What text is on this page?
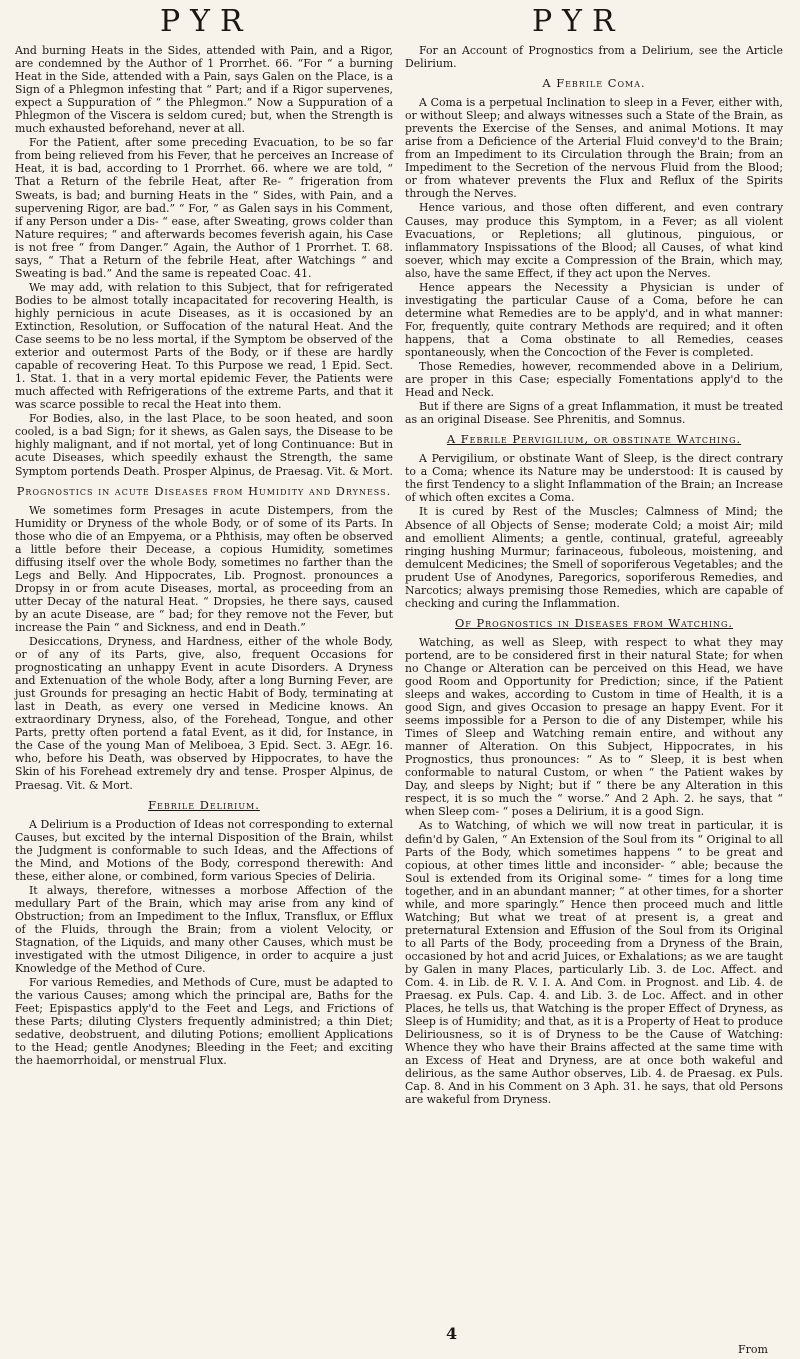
PYR	PYR

And burning Heats in the Sides, attended with Pain, and a Rigor, are condemned by the Author of 1 Prorrhet. 66. “For “ a burning Heat in the Side, attended with a Pain, says Galen on the Place, is a Sign of a Phlegmon infesting that “ Part; and if a Rigor supervenes, expect a Suppuration of “ the Phlegmon.” Now a Suppuration of a Phlegmon of the Viscera is seldom cured; but, when the Strength is much exhausted beforehand, never at all.

For the Patient, after some preceding Evacuation, to be so far from being relieved from his Fever, that he perceives an Increase of Heat, it is bad, according to 1 Prorrhet. 66. where we are told, “ That a Return of the febrile Heat, after Re- “ frigeration from Sweats, is bad; and burning Heats in the “ Sides, with Pain, and a supervening Rigor, are bad.” “ For, “ as Galen says in his Comment, if any Person under a Dis- “ ease, after Sweating, grows colder than Nature requires; “ and afterwards becomes feverish again, his Case is not free “ from Danger.” Again, the Author of 1 Prorrhet. T. 68. says, “ That a Return of the febrile Heat, after Watchings “ and Sweating is bad.” And the same is repeated Coac. 41.

We may add, with relation to this Subject, that for refrigerated Bodies to be almost totally incapacitated for recovering Health, is highly pernicious in acute Diseases, as it is occasioned by an Extinction, Resolution, or Suffocation of the natural Heat. And the Case seems to be no less mortal, if the Symptom be observed of the exterior and outermost Parts of the Body, or if these are hardly capable of recovering Heat. To this Purpose we read, 1 Epid. Sect. 1. Stat. 1. that in a very mortal epidemic Fever, the Patients were much affected with Refrigerations of the extreme Parts, and that it was scarce possible to recal the Heat into them.

For Bodies, also, in the last Place, to be soon heated, and soon cooled, is a bad Sign; for it shews, as Galen says, the Disease to be highly malignant, and if not mortal, yet of long Continuance: But in acute Diseases, which speedily exhaust the Strength, the same Symptom portends Death. Prosper Alpinus, de Praesag. Vit. & Mort.

Prognostics in acute Diseases from Humidity and Dryness.

We sometimes form Presages in acute Distempers, from the Humidity or Dryness of the whole Body, or of some of its Parts. In those who die of an Empyema, or a Phthisis, may often be observed a little before their Decease, a copious Humidity, sometimes diffusing itself over the whole Body, sometimes no farther than the Legs and Belly. And Hippocrates, Lib. Prognost. pronounces a Dropsy in or from acute Diseases, mortal, as proceeding from an utter Decay of the natural Heat. “ Dropsies, he there says, caused by an acute Disease, are “ bad; for they remove not the Fever, but increase the Pain “ and Sickness, and end in Death.”

Desiccations, Dryness, and Hardness, either of the whole Body, or of any of its Parts, give, also, frequent Occasions for prognosticating an unhappy Event in acute Disorders. A Dryness and Extenuation of the whole Body, after a long Burning Fever, are just Grounds for presaging an hectic Habit of Body, terminating at last in Death, as every one versed in Medicine knows. An extraordinary Dryness, also, of the Forehead, Tongue, and other Parts, pretty often portend a fatal Event, as it did, for Instance, in the Case of the young Man of Meliboea, 3 Epid. Sect. 3. AEgr. 16. who, before his Death, was observed by Hippocrates, to have the Skin of his Forehead extremely dry and tense. Prosper Alpinus, de Praesag. Vit. & Mort.

Febrile Delirium.

A Delirium is a Production of Ideas not corresponding to external Causes, but excited by the internal Disposition of the Brain, whilst the Judgment is conformable to such Ideas, and the Affections of the Mind, and Motions of the Body, correspond therewith: And these, either alone, or combined, form various Species of Deliria.

It always, therefore, witnesses a morbose Affection of the medullary Part of the Brain, which may arise from any kind of Obstruction; from an Impediment to the Influx, Transflux, or Efflux of the Fluids, through the Brain; from a violent Velocity, or Stagnation, of the Liquids, and many other Causes, which must be investigated with the utmost Diligence, in order to acquire a just Knowledge of the Method of Cure.

For various Remedies, and Methods of Cure, must be adapted to the various Causes; among which the principal are, Baths for the Feet; Epispastics apply'd to the Feet and Legs, and Frictions of these Parts; diluting Clysters frequently administred; a thin Diet; sedative, deobstruent, and diluting Potions; emollient Applications to the Head; gentle Anodynes; Bleeding in the Feet; and exciting the haemorrhoidal, or menstrual Flux.

For an Account of Prognostics from a Delirium, see the Article Delirium.

A Febrile Coma.

A Coma is a perpetual Inclination to sleep in a Fever, either with, or without Sleep; and always witnesses such a State of the Brain, as prevents the Exercise of the Senses, and animal Motions. It may arise from a Deficience of the Arterial Fluid convey'd to the Brain; from an Impediment to its Circulation through the Brain; from an Impediment to the Secretion of the nervous Fluid from the Blood; or from whatever prevents the Flux and Reflux of the Spirits through the Nerves.

Hence various, and those often different, and even contrary Causes, may produce this Symptom, in a Fever; as all violent Evacuations, or Repletions; all glutinous, pinguious, or inflammatory Inspissations of the Blood; all Causes, of what kind soever, which may excite a Compression of the Brain, which may, also, have the same Effect, if they act upon the Nerves.

Hence appears the Necessity a Physician is under of investigating the particular Cause of a Coma, before he can determine what Remedies are to be apply'd, and in what manner: For, frequently, quite contrary Methods are required; and it often happens, that a Coma obstinate to all Remedies, ceases spontaneously, when the Concoction of the Fever is completed.

Those Remedies, however, recommended above in a Delirium, are proper in this Case; especially Fomentations apply'd to the Head and Neck.

But if there are Signs of a great Inflammation, it must be treated as an original Disease. See Phrenitis, and Somnus.

A Febrile Pervigilium, or obstinate Watching.

A Pervigilium, or obstinate Want of Sleep, is the direct contrary to a Coma; whence its Nature may be understood: It is caused by the first Tendency to a slight Inflammation of the Brain; an Increase of which often excites a Coma.

It is cured by Rest of the Muscles; Calmness of Mind; the Absence of all Objects of Sense; moderate Cold; a moist Air; mild and emollient Aliments; a gentle, continual, grateful, agreeably ringing hushing Murmur; farinaceous, fuboleous, moistening, and demulcent Medicines; the Smell of soporiferous Vegetables; and the prudent Use of Anodynes, Paregorics, soporiferous Remedies, and Narcotics; always premising those Remedies, which are capable of checking and curing the Inflammation.

Of Prognostics in Diseases from Watching.

Watching, as well as Sleep, with respect to what they may portend, are to be considered first in their natural State; for when no Change or Alteration can be perceived on this Head, we have good Room and Opportunity for Prediction; since, if the Patient sleeps and wakes, according to Custom in time of Health, it is a good Sign, and gives Occasion to presage an happy Event. For it seems impossible for a Person to die of any Distemper, while his Times of Sleep and Watching remain entire, and without any manner of Alteration. On this Subject, Hippocrates, in his Prognostics, thus pronounces: “ As to “ Sleep, it is best when conformable to natural Custom, or when “ the Patient wakes by Day, and sleeps by Night; but if “ there be any Alteration in this respect, it is so much the “ worse.” And 2 Aph. 2. he says, that “ when Sleep com- “ poses a Delirium, it is a good Sign.

As to Watching, of which we will now treat in particular, it is defin'd by Galen, “ An Extension of the Soul from its “ Original to all Parts of the Body, which sometimes happens “ to be great and copious, at other times little and inconsider- “ able; because the Soul is extended from its Original some- “ times for a long time together, and in an abundant manner; “ at other times, for a shorter while, and more sparingly.” Hence then proceed much and little Watching; But what we treat of at present is, a great and preternatural Extension and Effusion of the Soul from its Original to all Parts of the Body, proceeding from a Dryness of the Brain, occasioned by hot and acrid Juices, or Exhalations; as we are taught by Galen in many Places, particularly Lib. 3. de Loc. Affect. and Com. 4. in Lib. de R. V. I. A. And Com. in Prognost. and Lib. 4. de Praesag. ex Puls. Cap. 4. and Lib. 3. de Loc. Affect. and in other Places, he tells us, that Watching is the proper Effect of Dryness, as Sleep is of Humidity; and that, as it is a Property of Heat to produce Deliriousness, so it is of Dryness to be the Cause of Watching: Whence they who have their Brains affected at the same time with an Excess of Heat and Dryness, are at once both wakeful and delirious, as the same Author observes, Lib. 4. de Praesag. ex Puls. Cap. 8. And in his Comment on 3 Aph. 31. he says, that old Persons are wakeful from Dryness.

4
From
